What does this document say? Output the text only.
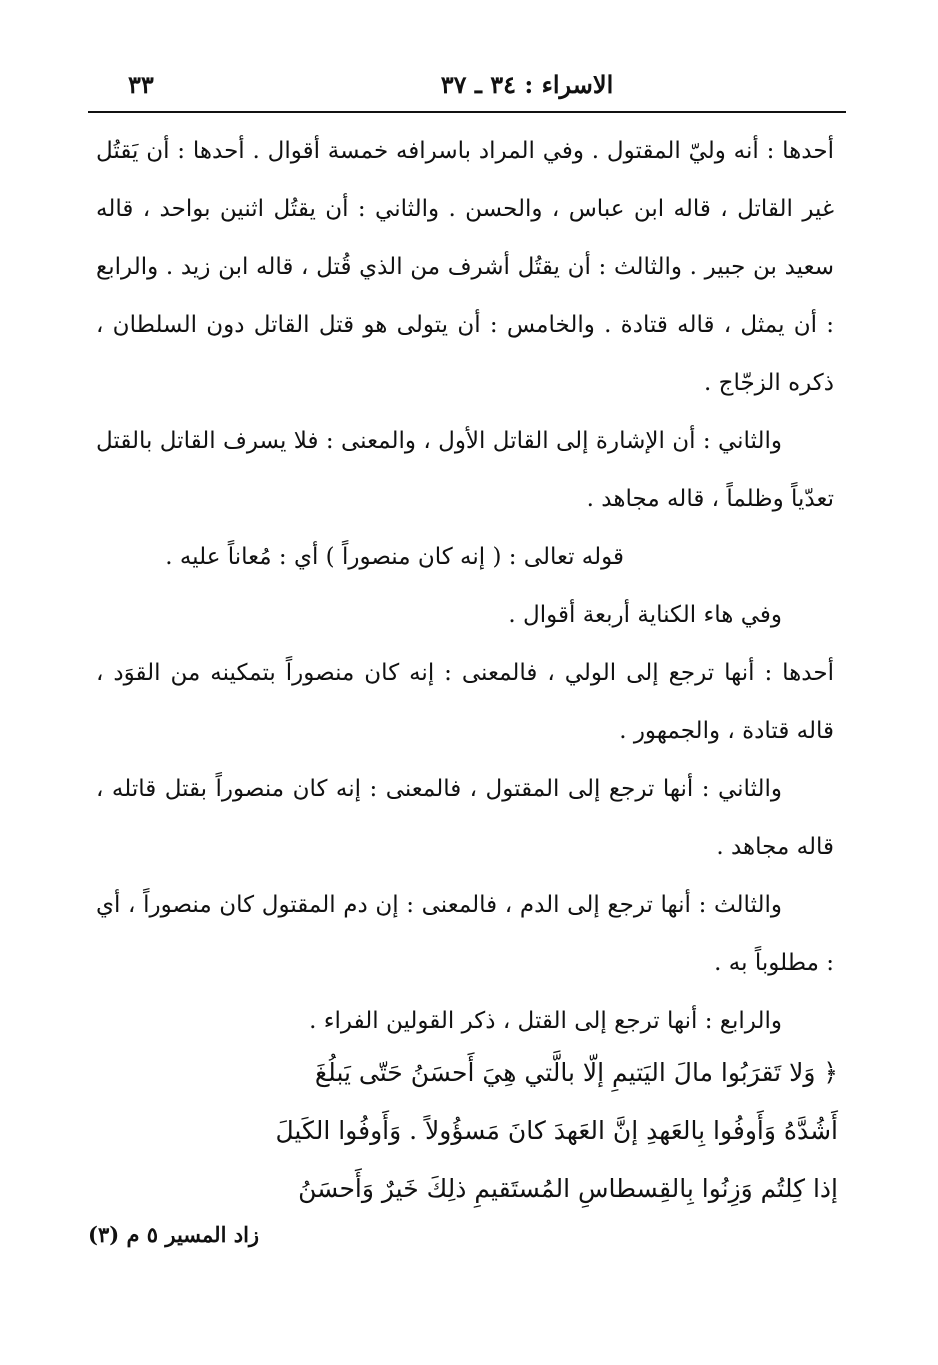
الاسراء : ٣٤ ـ ٣٧
٣٣

أحدها : أنه وليّ المقتول . وفي المراد باسرافه خمسة أقوال . أحدها : أن يَقتُل غير القاتل ، قاله ابن عباس ، والحسن . والثاني : أن يقتُل اثنين بواحد ، قاله سعيد بن جبير . والثالث : أن يقتُل أشرف من الذي قُتل ، قاله ابن زيد . والرابع : أن يمثل ، قاله قتادة . والخامس : أن يتولى هو قتل القاتل دون السلطان ، ذكره الزجّاج .

والثاني : أن الإشارة إلى القاتل الأول ، والمعنى : فلا يسرف القاتل بالقتل تعدّياً وظلماً ، قاله مجاهد .

قوله تعالى : ( إنه كان منصوراً ) أي : مُعاناً عليه .

وفي هاء الكناية أربعة أقوال .

أحدها : أنها ترجع إلى الولي ، فالمعنى : إنه كان منصوراً بتمكينه من القوَد ، قاله قتادة ، والجمهور .

والثاني : أنها ترجع إلى المقتول ، فالمعنى : إنه كان منصوراً بقتل قاتله ، قاله مجاهد .

والثالث : أنها ترجع إلى الدم ، فالمعنى : إن دم المقتول كان منصوراً ، أي : مطلوباً به .

والرابع : أنها ترجع إلى القتل ، ذكر القولين الفراء .

﴿ وَلا تَقرَبُوا مالَ اليَتيمِ إلّا بالَّتي هِيَ أَحسَنُ حَتّى يَبلُغَ

أَشُدَّهُ وَأَوفُوا بِالعَهدِ إنَّ العَهدَ كانَ مَسؤُولاً . وَأَوفُوا الكَيلَ

إذا كِلتُم وَزِنُوا بِالقِسطاسِ المُستَقيمِ ذلِكَ خَيرٌ وَأَحسَنُ

زاد المسير ٥ م (٣)
